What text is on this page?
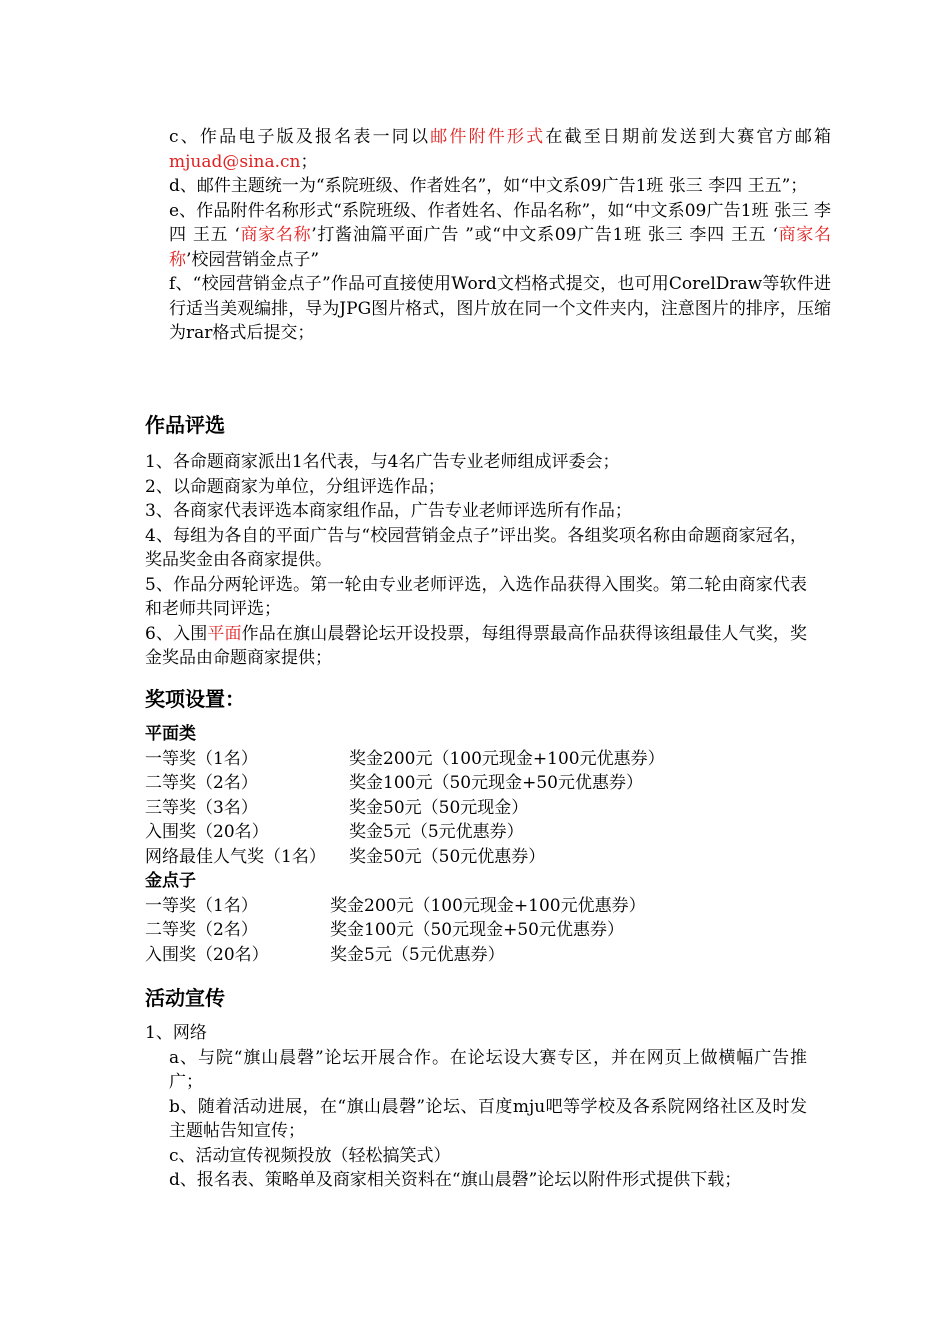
c、作品电子版及报名表一同以邮件附件形式在截至日期前发送到大赛官方邮箱mjuad@sina.cn；

d、邮件主题统一为“系院班级、作者姓名”，如“中文系09广告1班 张三 李四 王五”；

e、作品附件名称形式“系院班级、作者姓名、作品名称”，如“中文系09广告1班 张三 李四 王五 ‘商家名称’打酱油篇平面广告 ”或“中文系09广告1班 张三 李四 王五 ‘商家名称’校园营销金点子”

f、“校园营销金点子”作品可直接使用Word文档格式提交，也可用CorelDraw等软件进行适当美观编排，导为JPG图片格式，图片放在同一个文件夹内，注意图片的排序，压缩为rar格式后提交；

作品评选

1、各命题商家派出1名代表，与4名广告专业老师组成评委会；

2、以命题商家为单位，分组评选作品；

3、各商家代表评选本商家组作品，广告专业老师评选所有作品；

4、每组为各自的平面广告与“校园营销金点子”评出奖。各组奖项名称由命题商家冠名，奖品奖金由各商家提供。

5、作品分两轮评选。第一轮由专业老师评选，入选作品获得入围奖。第二轮由商家代表和老师共同评选；

6、入围平面作品在旗山晨磬论坛开设投票，每组得票最高作品获得该组最佳人气奖，奖金奖品由命题商家提供；

奖项设置：
平面类
一等奖（1名）	奖金200元（100元现金+100元优惠券）
二等奖（2名）	奖金100元（50元现金+50元优惠券）
三等奖（3名）	奖金50元（50元现金）
入围奖（20名）	奖金5元（5元优惠券）
网络最佳人气奖（1名）	奖金50元（50元优惠券）
金点子
一等奖（1名）	奖金200元（100元现金+100元优惠券）
二等奖（2名）	奖金100元（50元现金+50元优惠券）
入围奖（20名）	奖金5元（5元优惠券）
活动宣传

1、网络

a、与院“旗山晨磬”论坛开展合作。在论坛设大赛专区，并在网页上做横幅广告推广；

b、随着活动进展，在“旗山晨磬”论坛、百度mju吧等学校及各系院网络社区及时发主题帖告知宣传；

c、活动宣传视频投放（轻松搞笑式）

d、报名表、策略单及商家相关资料在“旗山晨磬”论坛以附件形式提供下载；
